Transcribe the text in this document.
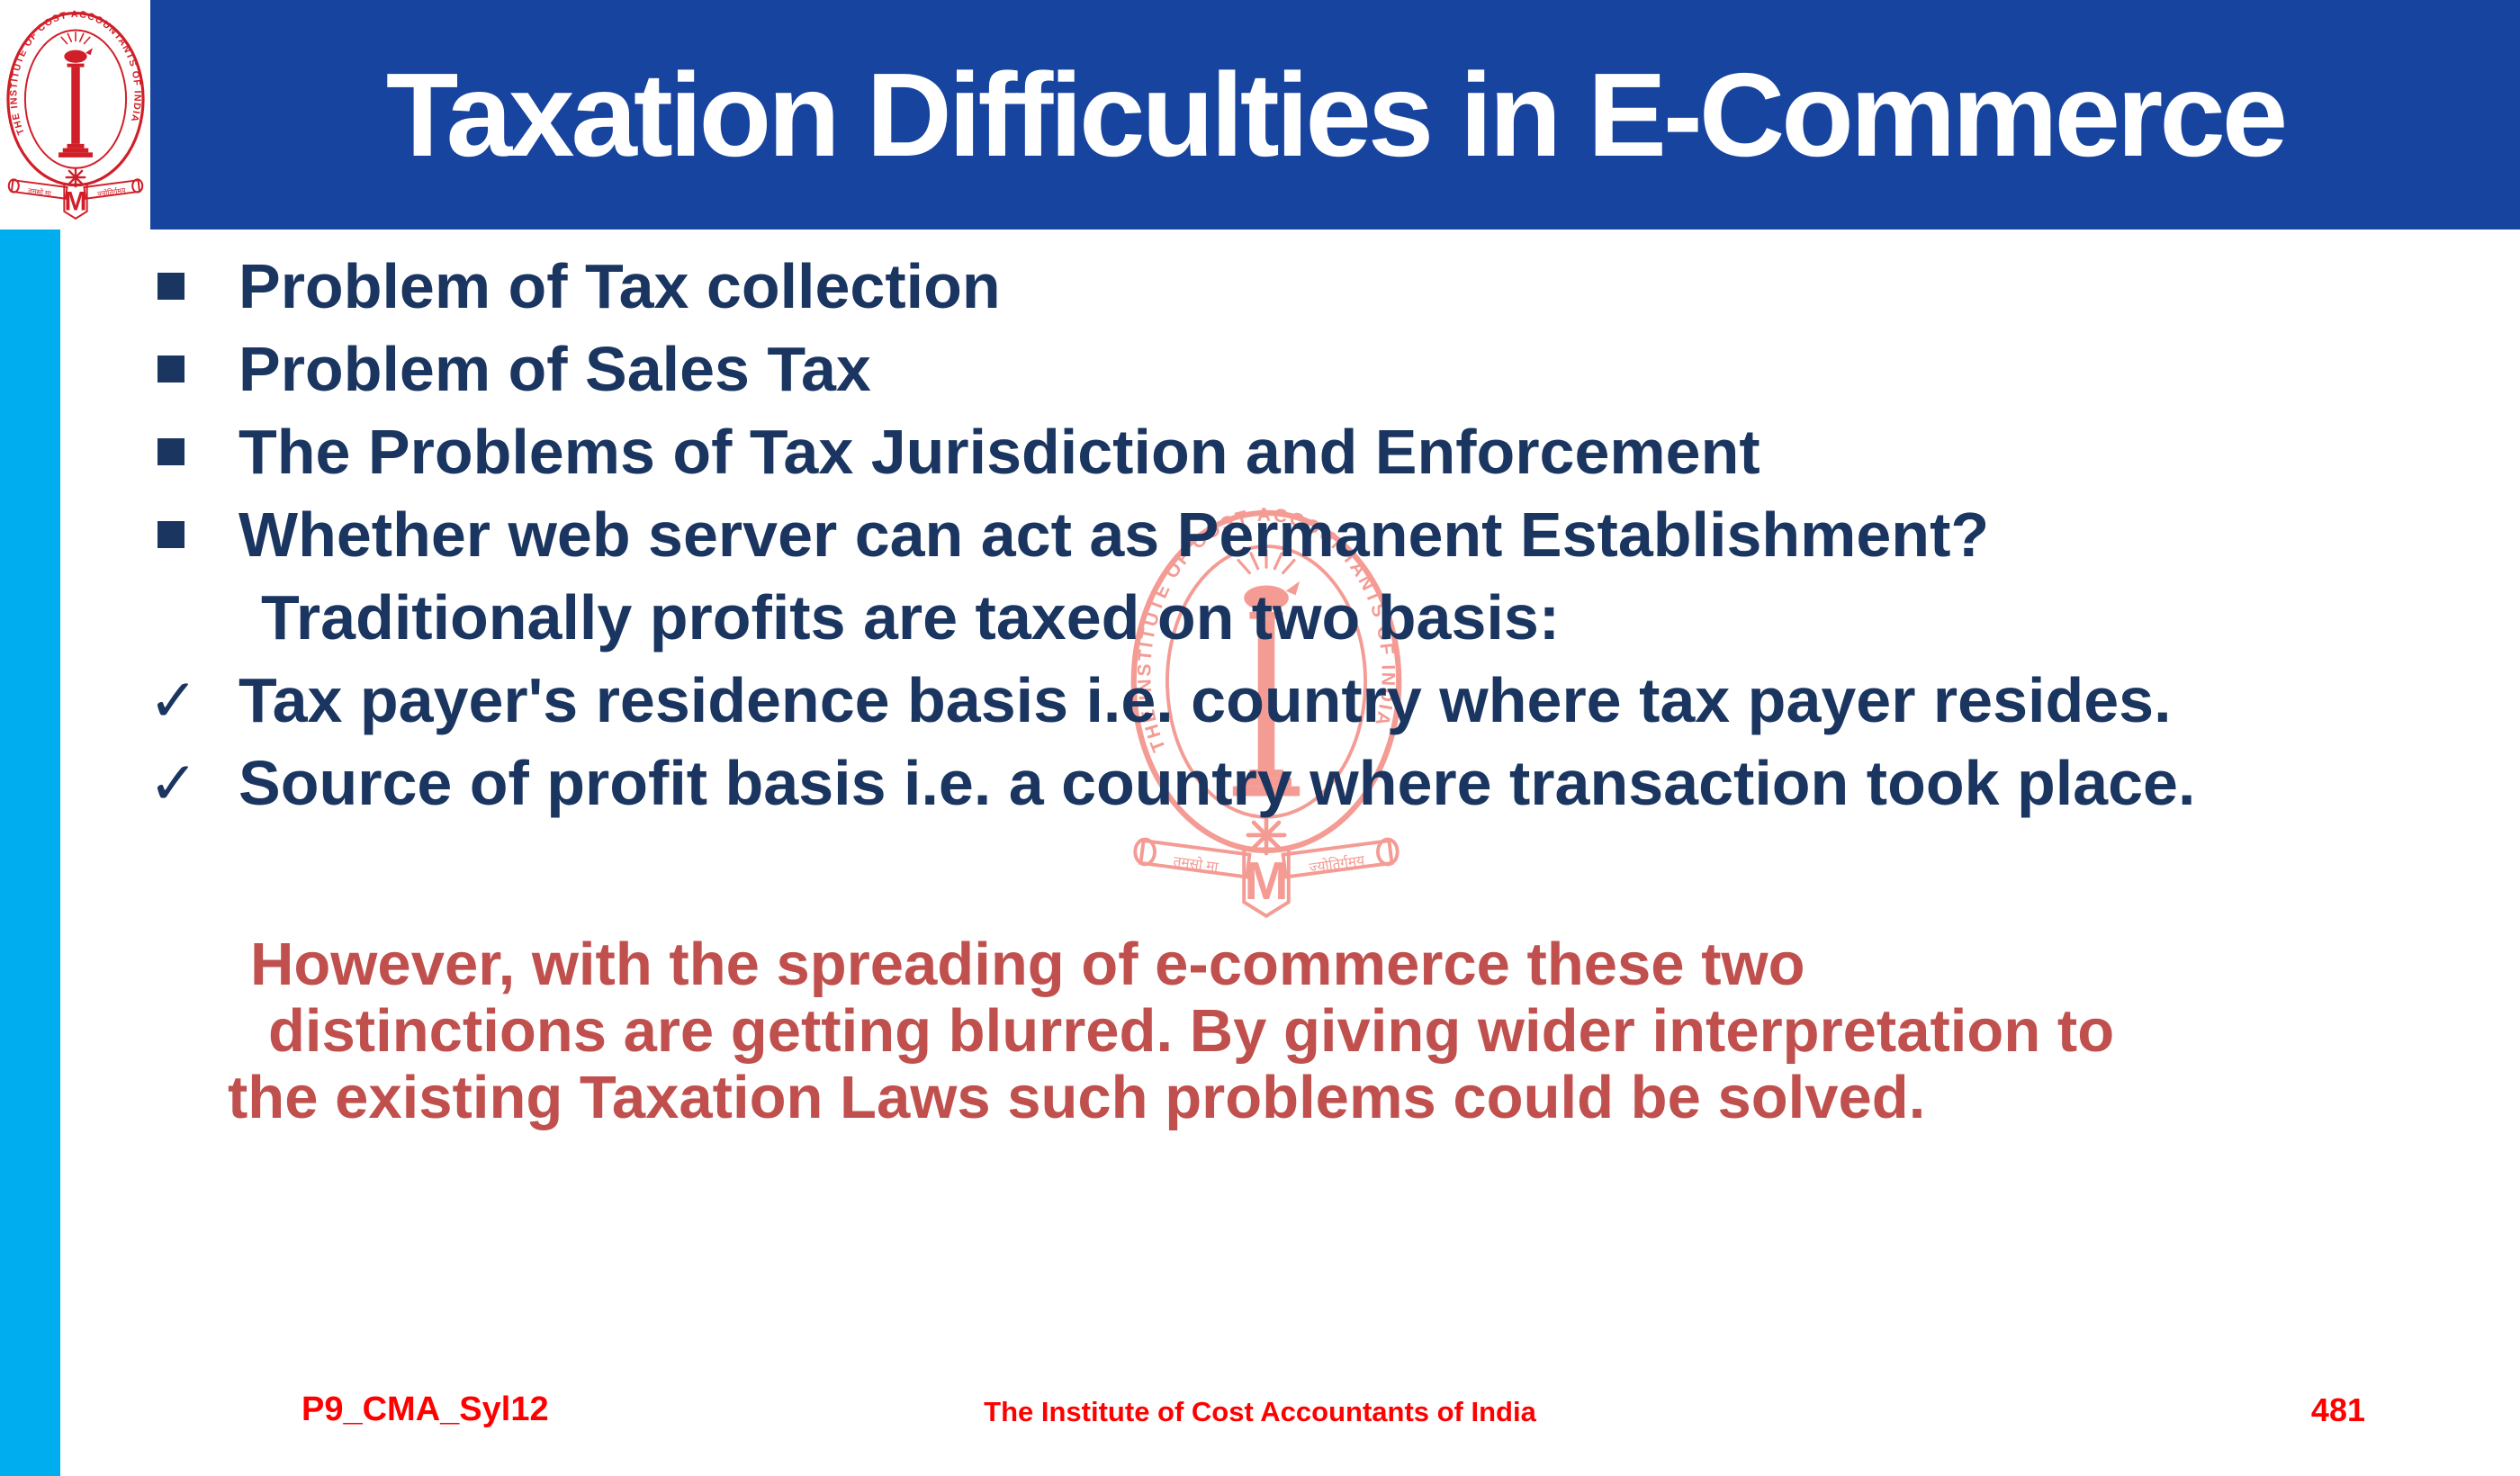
Taxation Difficulties in E-Commerce
Problem of Tax collection
Problem of Sales Tax
The Problems of Tax Jurisdiction and Enforcement
Whether web server can act as Permanent Establishment?
Traditionally profits are taxed on two basis:
✓
Tax payer's residence basis i.e. country where tax payer resides.
✓
Source of profit basis i.e. a country where transaction took place.
However, with the spreading of e-commerce these two
distinctions are getting blurred. By giving wider interpretation to
the existing Taxation Laws such problems could be solved.
P9_CMA_Syl12	The Institute of Cost Accountants of India	481
